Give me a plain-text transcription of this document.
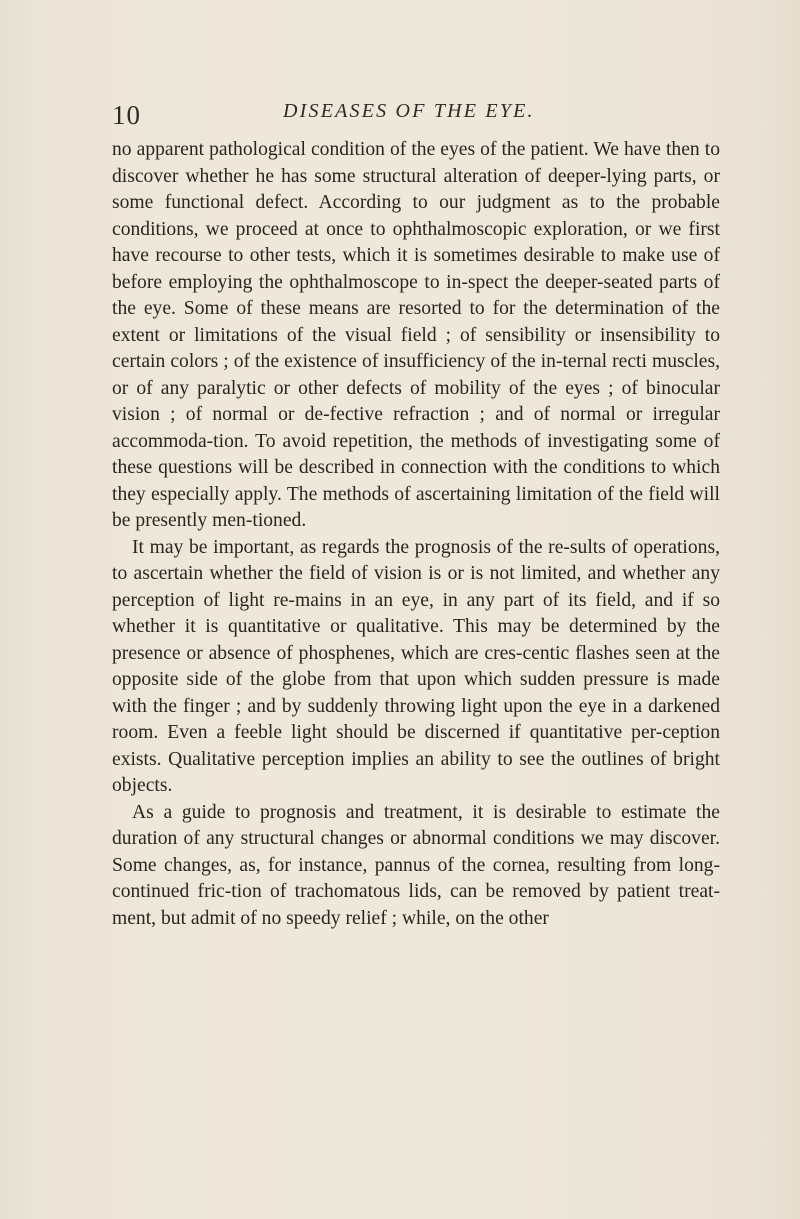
10	DISEASES OF THE EYE.

no apparent pathological condition of the eyes of the patient. We have then to discover whether he has some structural alteration of deeper-lying parts, or some functional defect. According to our judgment as to the probable conditions, we proceed at once to ophthalmoscopic exploration, or we first have recourse to other tests, which it is sometimes desirable to make use of before employing the ophthalmoscope to in-spect the deeper-seated parts of the eye. Some of these means are resorted to for the determination of the extent or limitations of the visual field ; of sensibility or insensibility to certain colors ; of the existence of insufficiency of the in-ternal recti muscles, or of any paralytic or other defects of mobility of the eyes ; of binocular vision ; of normal or de-fective refraction ; and of normal or irregular accommoda-tion. To avoid repetition, the methods of investigating some of these questions will be described in connection with the conditions to which they especially apply. The methods of ascertaining limitation of the field will be presently men-tioned.

It may be important, as regards the prognosis of the re-sults of operations, to ascertain whether the field of vision is or is not limited, and whether any perception of light re-mains in an eye, in any part of its field, and if so whether it is quantitative or qualitative. This may be determined by the presence or absence of phosphenes, which are cres-centic flashes seen at the opposite side of the globe from that upon which sudden pressure is made with the finger ; and by suddenly throwing light upon the eye in a darkened room. Even a feeble light should be discerned if quantitative per-ception exists. Qualitative perception implies an ability to see the outlines of bright objects.

As a guide to prognosis and treatment, it is desirable to estimate the duration of any structural changes or abnormal conditions we may discover. Some changes, as, for instance, pannus of the cornea, resulting from long-continued fric-tion of trachomatous lids, can be removed by patient treat-ment, but admit of no speedy relief ; while, on the other
